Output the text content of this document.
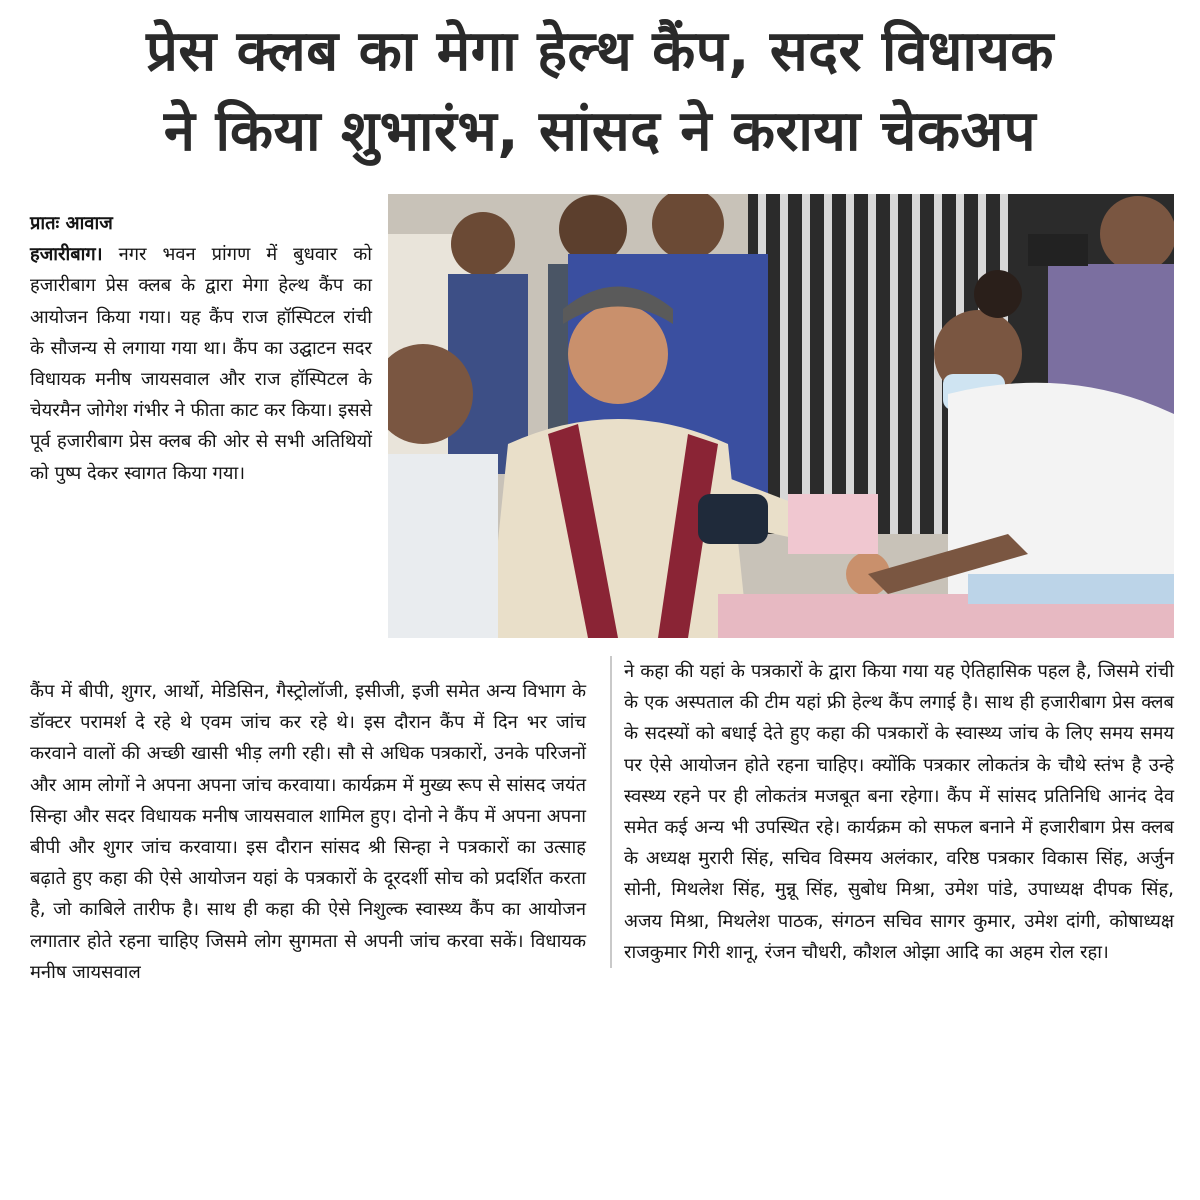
प्रेस क्लब का मेगा हेल्थ कैंप, सदर विधायक
ने किया शुभारंभ, सांसद ने कराया चेकअप

प्रातः आवाज

हजारीबाग। नगर भवन प्रांगण में बुधवार को हजारीबाग प्रेस क्लब के द्वारा मेगा हेल्थ कैंप का आयोजन किया गया। यह कैंप राज हॉस्पिटल रांची के सौजन्य से लगाया गया था। कैंप का उद्घाटन सदर विधायक मनीष जायसवाल और राज हॉस्पिटल के चेयरमैन जोगेश गंभीर ने फीता काट कर किया। इससे पूर्व हजारीबाग प्रेस क्लब की ओर से सभी अतिथियों को पुष्प देकर स्वागत किया गया।

कैंप में बीपी, शुगर, आर्थो, मेडिसिन, गैस्ट्रोलॉजी, इसीजी, इजी समेत अन्य विभाग के डॉक्टर परामर्श दे रहे थे एवम जांच कर रहे थे। इस दौरान कैंप में दिन भर जांच करवाने वालों की अच्छी खासी भीड़ लगी रही। सौ से अधिक पत्रकारों, उनके परिजनों और आम लोगों ने अपना अपना जांच करवाया। कार्यक्रम में मुख्य रूप से सांसद जयंत सिन्हा और सदर विधायक मनीष जायसवाल शामिल हुए। दोनो ने कैंप में अपना अपना बीपी और शुगर जांच करवाया। इस दौरान सांसद श्री सिन्हा ने पत्रकारों का उत्साह बढ़ाते हुए कहा की ऐसे आयोजन यहां के पत्रकारों के दूरदर्शी सोच को प्रदर्शित करता है, जो काबिले तारीफ है। साथ ही कहा की ऐसे निशुल्क स्वास्थ्य कैंप का आयोजन लगातार होते रहना चाहिए जिसमे लोग सुगमता से अपनी जांच करवा सकें। विधायक मनीष जायसवाल

ने कहा की यहां के पत्रकारों के द्वारा किया गया यह ऐतिहासिक पहल है, जिसमे रांची के एक अस्पताल की टीम यहां फ्री हेल्थ कैंप लगाई है। साथ ही हजारीबाग प्रेस क्लब के सदस्यों को बधाई देते हुए कहा की पत्रकारों के स्वास्थ्य जांच के लिए समय समय पर ऐसे आयोजन होते रहना चाहिए। क्योंकि पत्रकार लोकतंत्र के चौथे स्तंभ है उन्हे स्वस्थ्य रहने पर ही लोकतंत्र मजबूत बना रहेगा। कैंप में सांसद प्रतिनिधि आनंद देव समेत कई अन्य भी उपस्थित रहे। कार्यक्रम को सफल बनाने में हजारीबाग प्रेस क्लब के अध्यक्ष मुरारी सिंह, सचिव विस्मय अलंकार, वरिष्ठ पत्रकार विकास सिंह, अर्जुन सोनी, मिथलेश सिंह, मुन्नू सिंह, सुबोध मिश्रा, उमेश पांडे, उपाध्यक्ष दीपक सिंह, अजय मिश्रा, मिथलेश पाठक, संगठन सचिव सागर कुमार, उमेश दांगी, कोषाध्यक्ष राजकुमार गिरी शानू, रंजन चौधरी, कौशल ओझा आदि का अहम रोल रहा।
